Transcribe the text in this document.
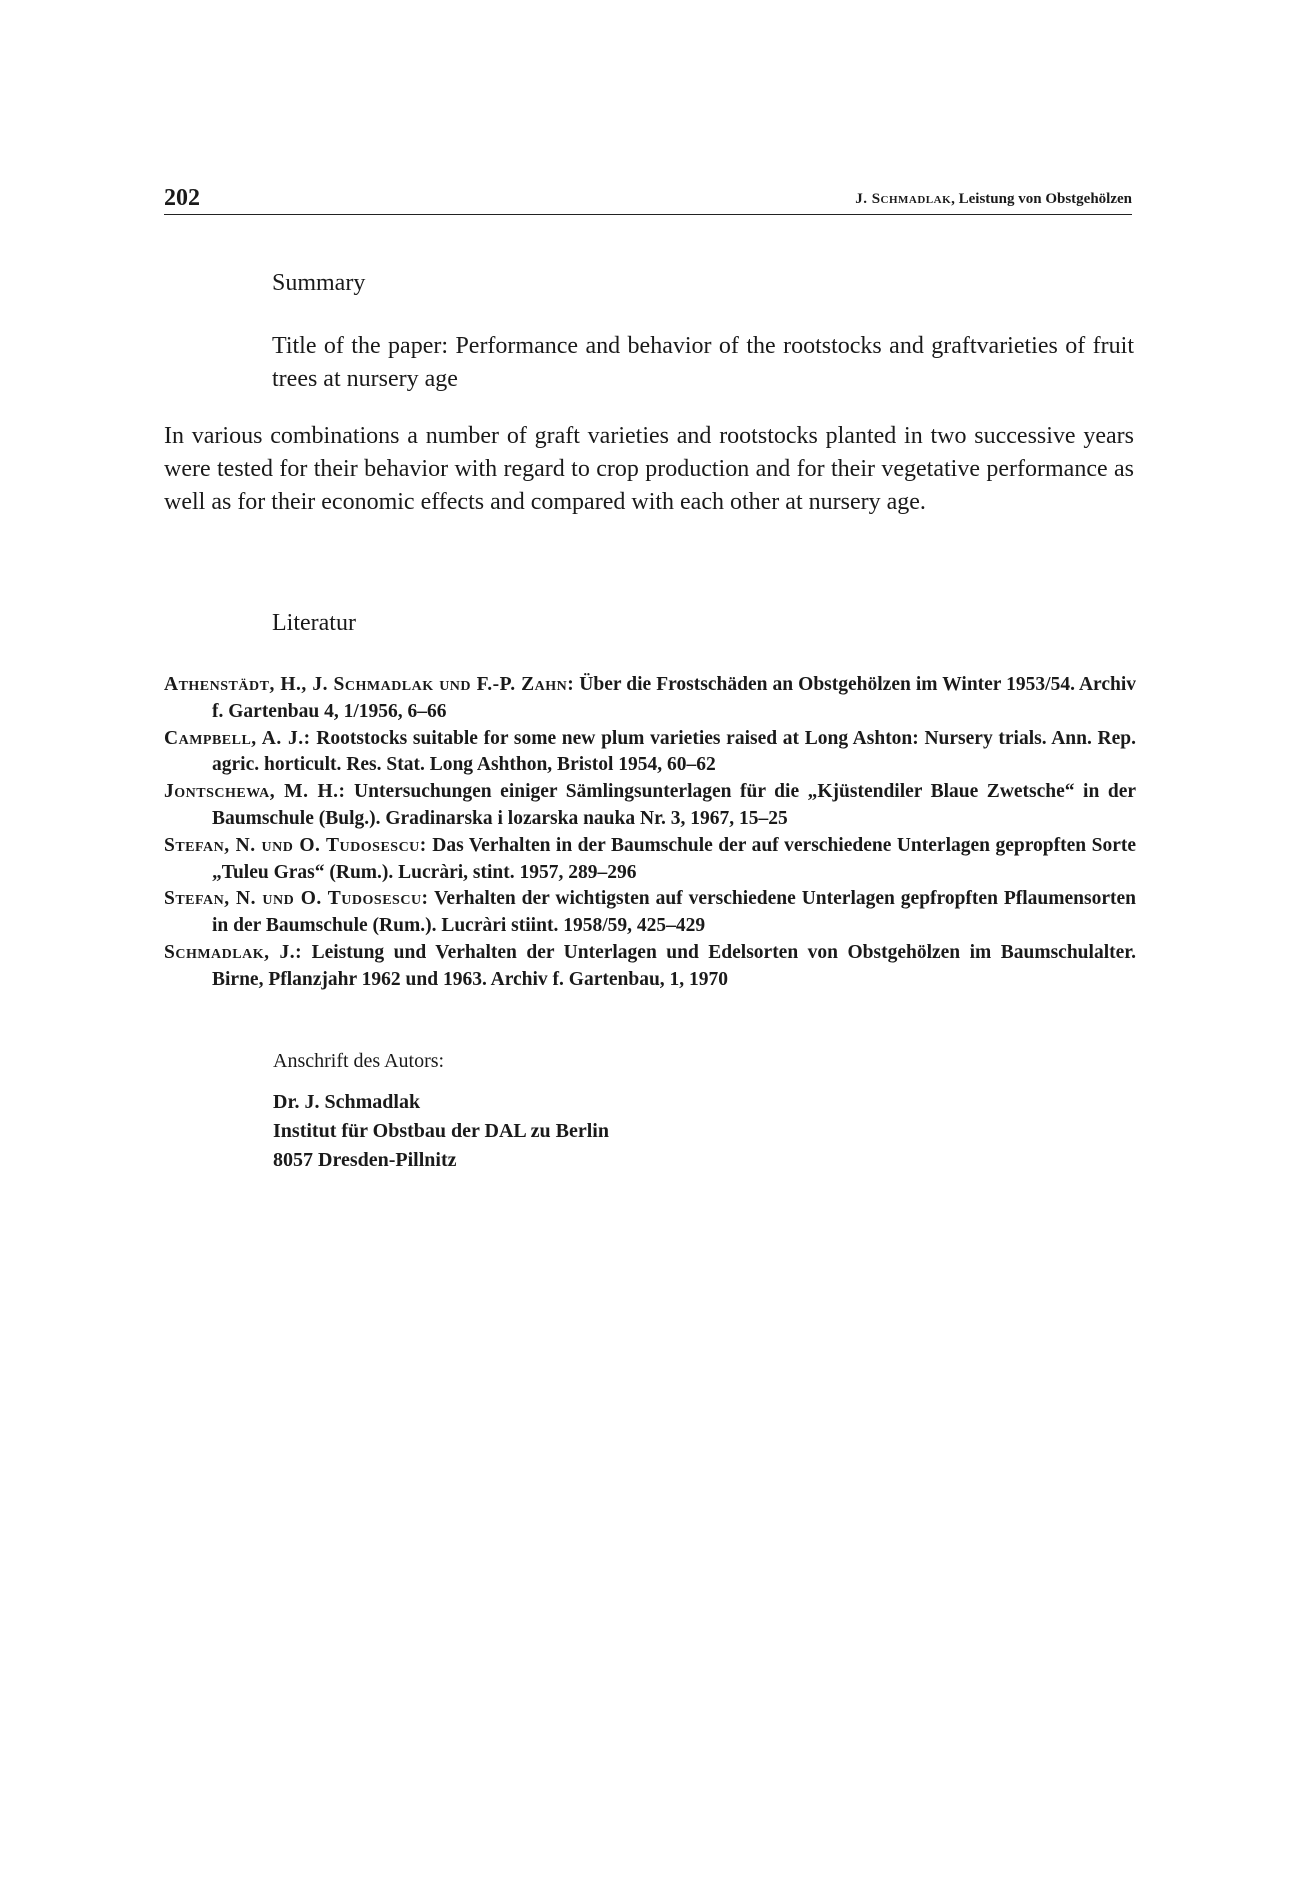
202	J. Schmadlak, Leistung von Obstgehölzen
Summary
Title of the paper: Performance and behavior of the rootstocks and graftvarieties of fruit trees at nursery age
In various combinations a number of graft varieties and rootstocks planted in two successive years were tested for their behavior with regard to crop production and for their vegetative performance as well as for their economic effects and compared with each other at nursery age.
Literatur
Athenstädt, H., J. Schmadlak und F.-P. Zahn: Über die Frostschäden an Obstgehölzen im Winter 1953/54. Archiv f. Gartenbau 4, 1/1956, 6–66
Campbell, A. J.: Rootstocks suitable for some new plum varieties raised at Long Ashton: Nursery trials. Ann. Rep. agric. horticult. Res. Stat. Long Ashthon, Bristol 1954, 60–62
Jontschewa, M. H.: Untersuchungen einiger Sämlingsunterlagen für die „Kjüstendiler Blaue Zwetsche“ in der Baumschule (Bulg.). Gradinarska i lozarska nauka Nr. 3, 1967, 15–25
Stefan, N. und O. Tudosescu: Das Verhalten in der Baumschule der auf verschiedene Unterlagen gepropften Sorte „Tuleu Gras“ (Rum.). Lucràri, stint. 1957, 289–296
Stefan, N. und O. Tudosescu: Verhalten der wichtigsten auf verschiedene Unterlagen gepfropften Pflaumensorten in der Baumschule (Rum.). Lucràri stiint. 1958/59, 425–429
Schmadlak, J.: Leistung und Verhalten der Unterlagen und Edelsorten von Obstgehölzen im Baumschulalter. Birne, Pflanzjahr 1962 und 1963. Archiv f. Gartenbau, 1, 1970
Anschrift des Autors:
Dr. J. Schmadlak
Institut für Obstbau der DAL zu Berlin
8057 Dresden-Pillnitz
